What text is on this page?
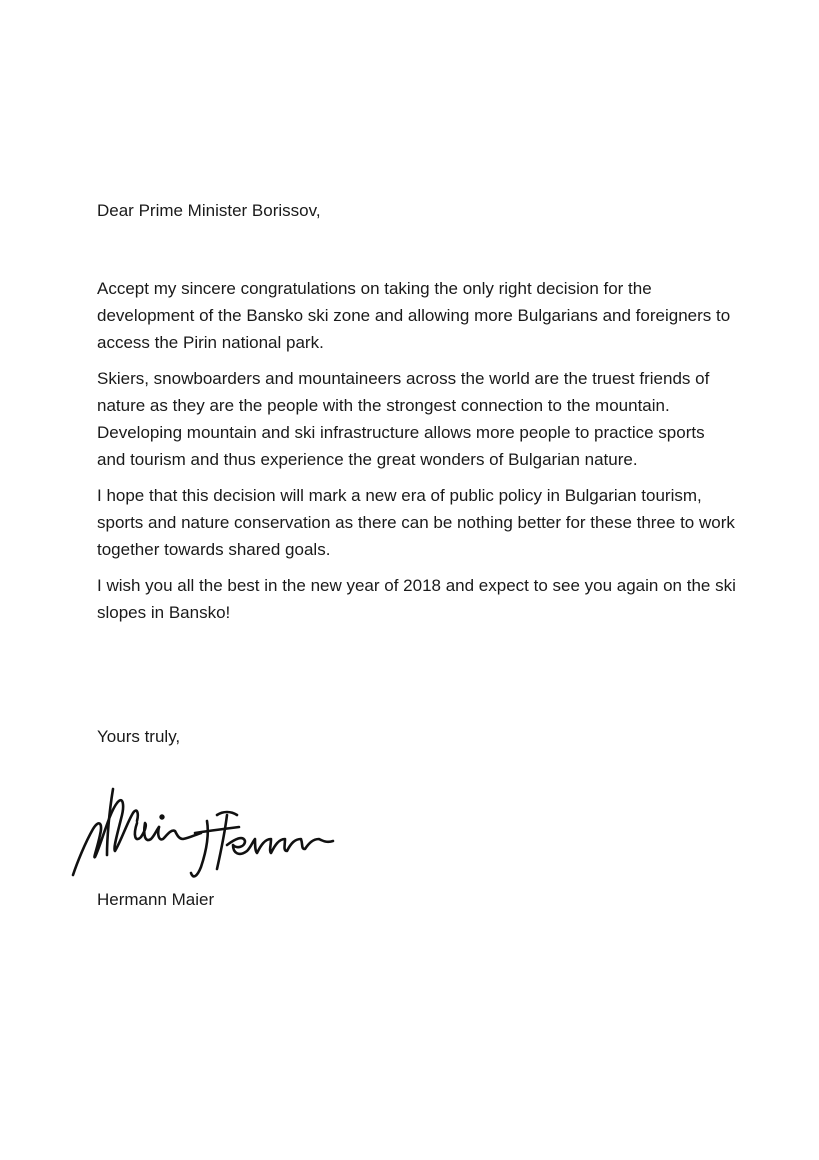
Dear Prime Minister Borissov,

Accept my sincere congratulations on taking the only right decision for the development of the Bansko ski zone and allowing more Bulgarians and foreigners to access the Pirin national park.

Skiers, snowboarders and mountaineers across the world are the truest friends of nature as they are the people with the strongest connection to the mountain. Developing mountain and ski infrastructure allows more people to practice sports and tourism and thus experience the great wonders of Bulgarian nature.

I hope that this decision will mark a new era of public policy in Bulgarian tourism, sports and nature conservation as there can be nothing better for these three to work together towards shared goals.

I wish you all the best in the new year of 2018 and expect to see you again on the ski slopes in Bansko!

Yours truly,

Hermann Maier
